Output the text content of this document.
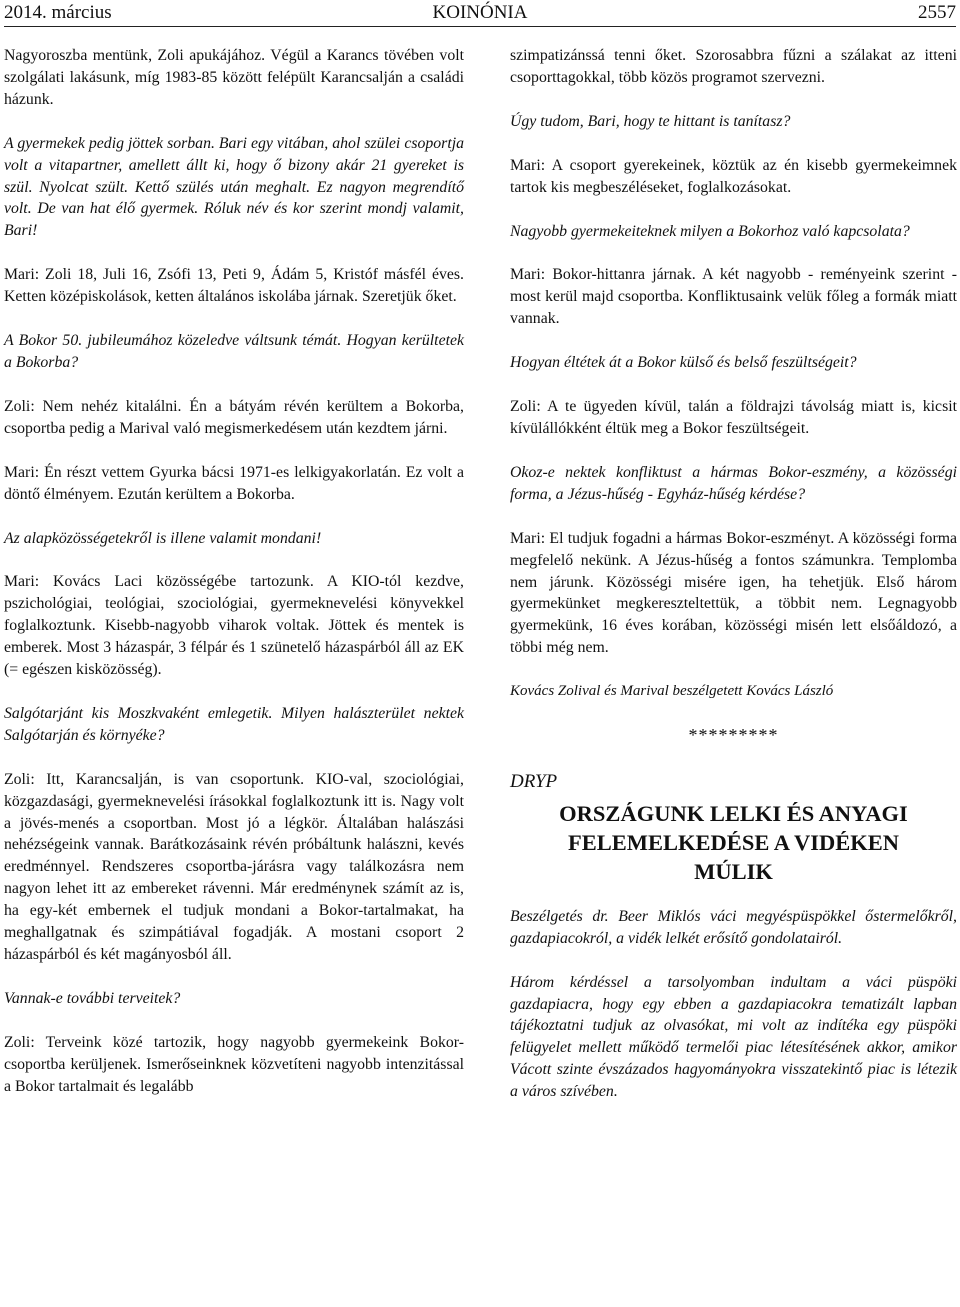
2014. március	KOINÓNIA	2557

Nagyoroszba mentünk, Zoli apukájához. Végül a Karancs tövében volt szolgálati lakásunk, míg 1983-85 között felépült Karancsalján a családi házunk.

A gyermekek pedig jöttek sorban. Bari egy vitában, ahol szülei csoportja volt a vitapartner, amellett állt ki, hogy ő bizony akár 21 gyereket is szül. Nyolcat szült. Kettő szülés után meghalt. Ez nagyon megrendítő volt. De van hat élő gyermek. Róluk név és kor szerint mondj valamit, Bari!

Mari: Zoli 18, Juli 16, Zsófi 13, Peti 9, Ádám 5, Kristóf másfél éves. Ketten középiskolások, ketten általános iskolába járnak. Szeretjük őket.

A Bokor 50. jubileumához közeledve váltsunk témát. Hogyan kerültetek a Bokorba?

Zoli: Nem nehéz kitalálni. Én a bátyám révén kerültem a Bokorba, csoportba pedig a Marival való megismerkedésem után kezdtem járni.

Mari: Én részt vettem Gyurka bácsi 1971-es lelkigyakorlatán. Ez volt a döntő élményem. Ezután kerültem a Bokorba.

Az alapközösségetekről is illene valamit mondani!

Mari: Kovács Laci közösségébe tartozunk. A KIO-tól kezdve, pszichológiai, teológiai, szociológiai, gyermeknevelési könyvekkel foglalkoztunk. Kisebb-nagyobb viharok voltak. Jöttek és mentek is emberek. Most 3 házaspár, 3 félpár és 1 szünetelő házaspárból áll az EK (= egészen kisközösség).

Salgótarjánt kis Moszkvaként emlegetik. Milyen halászterület nektek Salgótarján és környéke?

Zoli: Itt, Karancsalján, is van csoportunk. KIO-val, szociológiai, közgazdasági, gyermeknevelési írásokkal foglalkoztunk itt is. Nagy volt a jövés-menés a csoportban. Most jó a légkör. Általában halászási nehézségeink vannak. Barátkozásaink révén próbáltunk halászni, kevés eredménnyel. Rendszeres csoportba-járásra vagy találkozásra nem nagyon lehet itt az embereket rávenni. Már eredménynek számít az is, ha egy-két embernek el tudjuk mondani a Bokor-tartalmakat, ha meghallgatnak és szimpátiával fogadják. A mostani csoport 2 házaspárból és két magányosból áll.

Vannak-e további terveitek?

Zoli: Terveink közé tartozik, hogy nagyobb gyermekeink Bokor-csoportba kerüljenek. Ismerőseinknek közvetíteni nagyobb intenzitással a Bokor tartalmait és legalább

szimpatizánssá tenni őket. Szorosabbra fűzni a szálakat az itteni csoporttagokkal, több közös programot szervezni.

Úgy tudom, Bari, hogy te hittant is tanítasz?

Mari: A csoport gyerekeinek, köztük az én kisebb gyermekeimnek tartok kis megbeszéléseket, foglalkozásokat.

Nagyobb gyermekeiteknek milyen a Bokorhoz való kapcsolata?

Mari: Bokor-hittanra járnak. A két nagyobb - reményeink szerint - most kerül majd csoportba. Konfliktusaink velük főleg a formák miatt vannak.

Hogyan éltétek át a Bokor külső és belső feszültségeit?

Zoli: A te ügyeden kívül, talán a földrajzi távolság miatt is, kicsit kívülállókként éltük meg a Bokor feszültségeit.

Okoz-e nektek konfliktust a hármas Bokor-eszmény, a közösségi forma, a Jézus-hűség - Egyház-hűség kérdése?

Mari: El tudjuk fogadni a hármas Bokor-eszményt. A közösségi forma megfelelő nekünk. A Jézus-hűség a fontos számunkra. Templomba nem járunk. Közösségi misére igen, ha tehetjük. Első három gyermekünket megkereszteltettük, a többit nem. Legnagyobb gyermekünk, 16 éves korában, közösségi misén lett elsőáldozó, a többi még nem.

Kovács Zolival és Marival beszélgetett Kovács László

*********
DRYP
ORSZÁGUNK LELKI ÉS ANYAGI
FELEMELKEDÉSE A VIDÉKEN
MÚLIK

Beszélgetés dr. Beer Miklós váci megyéspüspökkel őstermelőkről, gazdapiacokról, a vidék lelkét erősítő gondolatairól.

Három kérdéssel a tarsolyomban indultam a váci püspöki gazdapiacra, hogy egy ebben a gazdapiacokra tematizált lapban tájékoztatni tudjuk az olvasókat, mi volt az indítéka egy püspöki felügyelet mellett működő termelői piac létesítésének akkor, amikor Vácott szinte évszázados hagyományokra visszatekintő piac is létezik a város szívében.
